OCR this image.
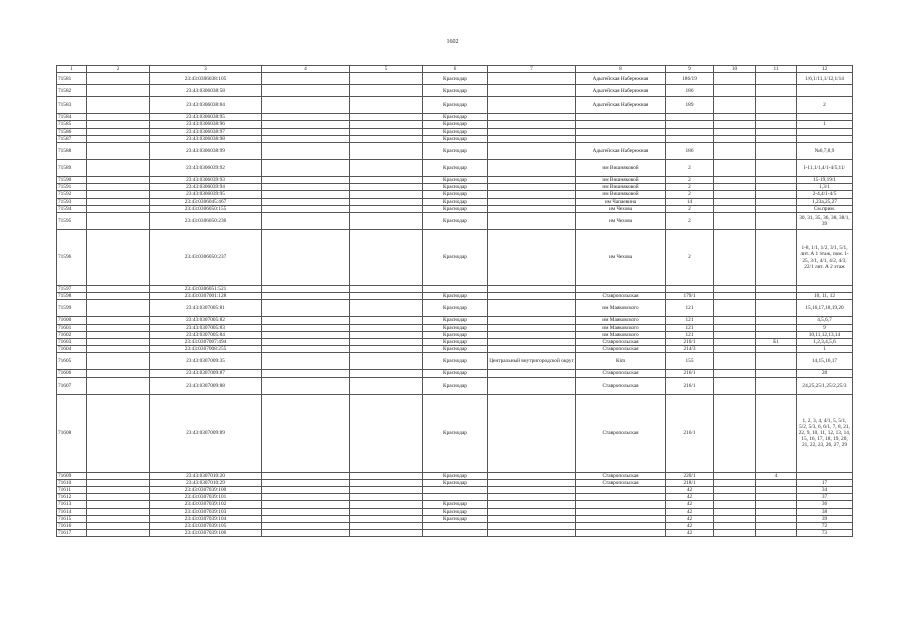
1602
1	2	3	4	5	6	7	8	9	10	11	12
71581		23:43:0306038:105			Краснодар		Адыгейская Набережная	186/19			1/6,1/11,1/12,1/14
71582		23:43:0306038:58			Краснодар		Адыгейская Набережная	186			
71583		23:43:0306038:84			Краснодар		Адыгейская Набережная	189			2
71584		23:43:0306038:95			Краснодар						
71585		23:43:0306038:96			Краснодар						1
71586		23:43:0306038:97			Краснодар						
71587		23:43:0306038:98			Краснодар						
71588		23:43:0306038:99			Краснодар		Адыгейская Набережная	186			№6,7,8,9
71589		23:43:0306039:92			Краснодар		им Вишняковой	2			I-11,1/1,4/1-4/5,11/
71590		23:43:0306039:93			Краснодар		им Вишняковой	2			15-19,19/1
71591		23:43:0306039:94			Краснодар		им Вишняковой	2			1,3/1
71592		23:43:0306039:95			Краснодар		им Вишняковой	2			2-4,4/1-4/5
71593		23:43:0306045:467			Краснодар		им Чапаевина	14			1,23а,25,27
71594		23:43:0306050:155			Краснодар		им Чехова	2			См.прим.
71595		23:43:0306050:236			Краснодар		им Чехова	2			30, 31, 35, 36, 38, 38/1, 39
71596		23:43:0306050:237			Краснодар		им Чехова	2			1-8, 1/1, 1/2, 3/1, 5/1, лит. А 1 этаж, пом. 1-25, 3/1, 4/1, 4/2, 4/3, 22/1 лит. А 2 этаж
71597		23:43:0306051:521									
71598		23:43:0307001:128			Краснодар		Ставропольская	179/1			10, 11, 12
71599		23:43:0307005:81			Краснодар		им Маяковского	121			15,16,17,18,19,20
71600		23:43:0307005:82			Краснодар		им Маяковского	121			4,5,6,7
71601		23:43:0307005:83			Краснодар		им Маяковского	121			9
71602		23:43:0307005:84			Краснодар		им Маяковского	121			10,11,12,13,14
71603		23:43:0307007:494			Краснодар		Ставропольская	210/1		Б1	1,2,3,4,5,6
71604		23:43:0307008:255			Краснодар		Ставропольская	214/3			1
71605		23:43:0307009:35			Краснодар	Центральный внутригородской округ	Кim	155			14,15,16,17
71606		23:43:0307009:87			Краснодар		Ставропольская	216/1			28
71607		23:43:0307009:88			Краснодар		Ставропольская	216/1			24,25,25/1,25/2,25/3
71608		23:43:0307009:89			Краснодар		Ставропольская	216/1			1, 2, 3, 4, 4/1, 5, 5/1, 5/2, 5/3, 6, 6/1, 7, 8, 21, 22, 9, 10, 11, 12, 13, 14, 15, 16, 17, 18, 19, 20, 21, 22, 23, 26, 27, 29
71609		23:43:0307010:20			Краснодар		Ставропольская	220/1		4	
71610		23:43:0307010:29			Краснодар		Ставропольская	218/1			17
71611		23:43:0307039:100						42			34
71612		23:43:0307039:101						42			37
71613		23:43:0307039:102			Краснодар			42			36
71614		23:43:0307039:103			Краснодар			42			38
71615		23:43:0307039:104			Краснодар			42			39
71616		23:43:0307039:105						42			72
71617		23:43:0307039:106						42			73
